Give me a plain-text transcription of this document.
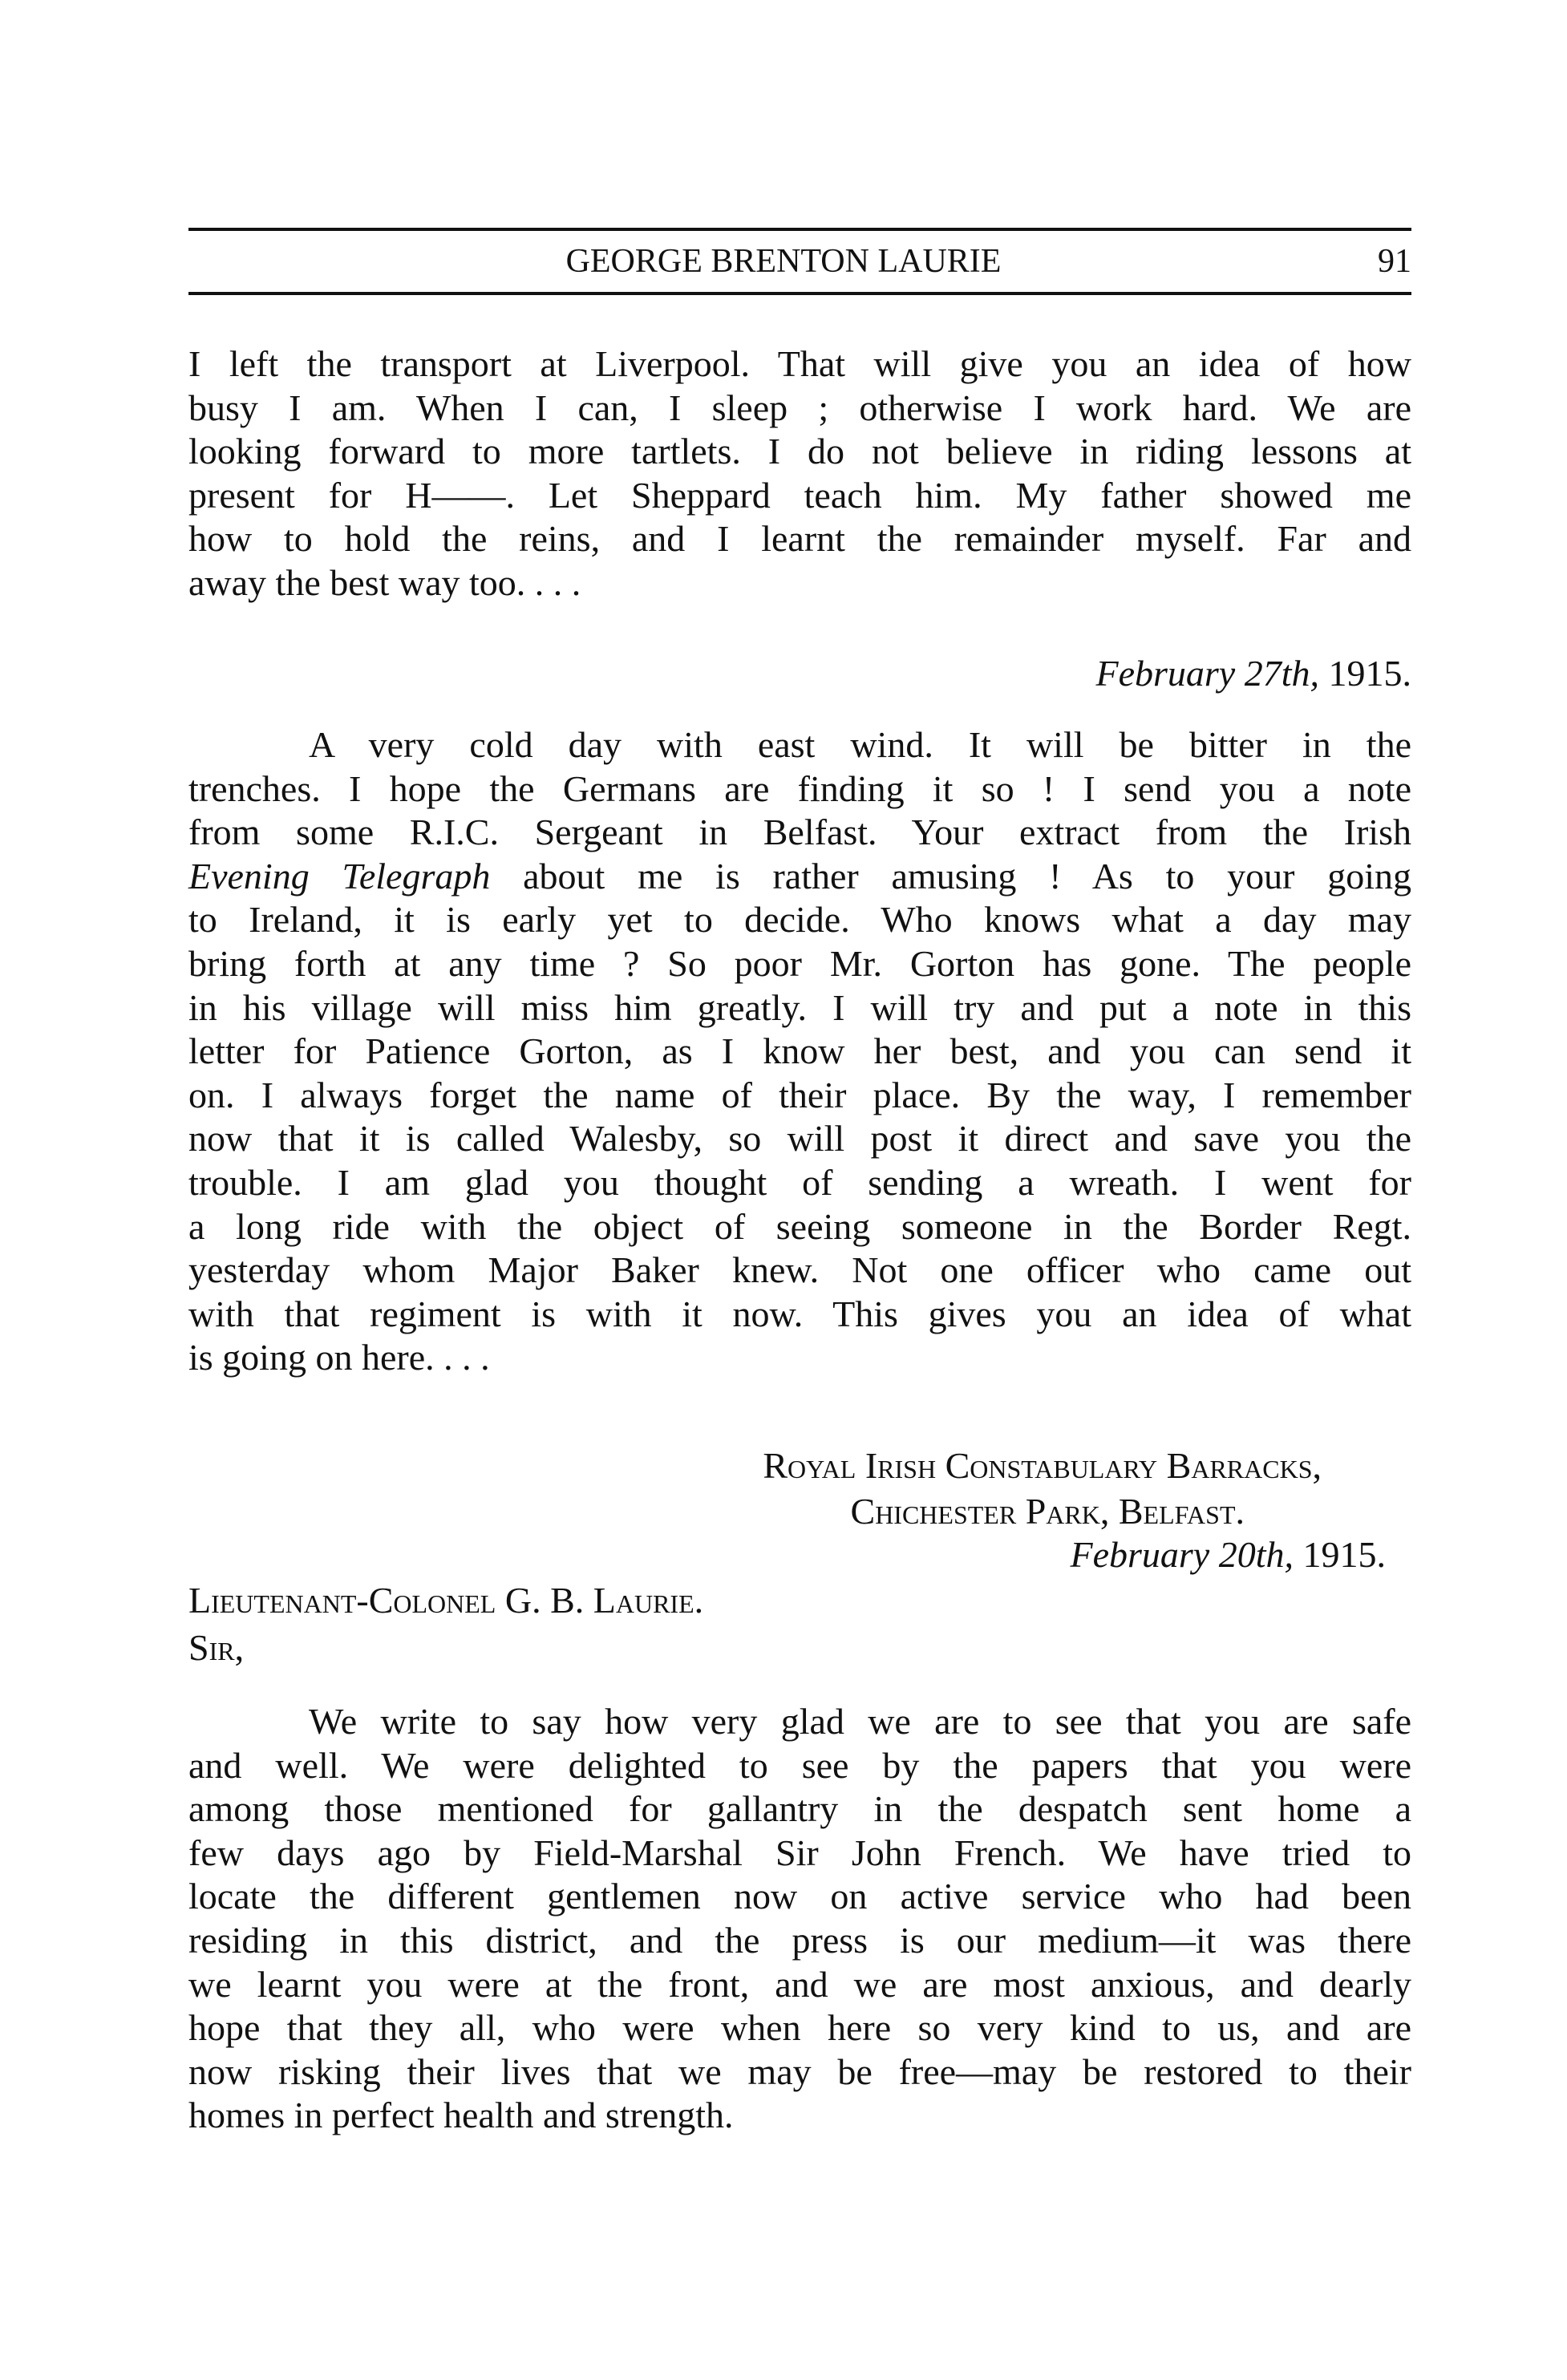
GEORGE BRENTON LAURIE	91
I left the transport at Liverpool. That will give you an idea of how
busy I am. When I can, I sleep ; otherwise I work hard. We are
looking forward to more tartlets. I do not believe in riding lessons at
present for H——. Let Sheppard teach him. My father showed me
how to hold the reins, and I learnt the remainder myself. Far and
away the best way too. . . .
February 27th, 1915.
A very cold day with east wind. It will be bitter in the
trenches. I hope the Germans are finding it so ! I send you a note
from some R.I.C. Sergeant in Belfast. Your extract from the Irish
Evening Telegraph about me is rather amusing ! As to your going
to Ireland, it is early yet to decide. Who knows what a day may
bring forth at any time ? So poor Mr. Gorton has gone. The people
in his village will miss him greatly. I will try and put a note in this
letter for Patience Gorton, as I know her best, and you can send it
on. I always forget the name of their place. By the way, I remember
now that it is called Walesby, so will post it direct and save you the
trouble. I am glad you thought of sending a wreath. I went for
a long ride with the object of seeing someone in the Border Regt.
yesterday whom Major Baker knew. Not one officer who came out
with that regiment is with it now. This gives you an idea of what
is going on here. . . .
Royal Irish Constabulary Barracks,
Chichester Park, Belfast.
February 20th, 1915.
Lieutenant-Colonel G. B. Laurie.
Sir,
We write to say how very glad we are to see that you are safe
and well. We were delighted to see by the papers that you were
among those mentioned for gallantry in the despatch sent home a
few days ago by Field-Marshal Sir John French. We have tried to
locate the different gentlemen now on active service who had been
residing in this district, and the press is our medium—it was there
we learnt you were at the front, and we are most anxious, and dearly
hope that they all, who were when here so very kind to us, and are
now risking their lives that we may be free—may be restored to their
homes in perfect health and strength.
